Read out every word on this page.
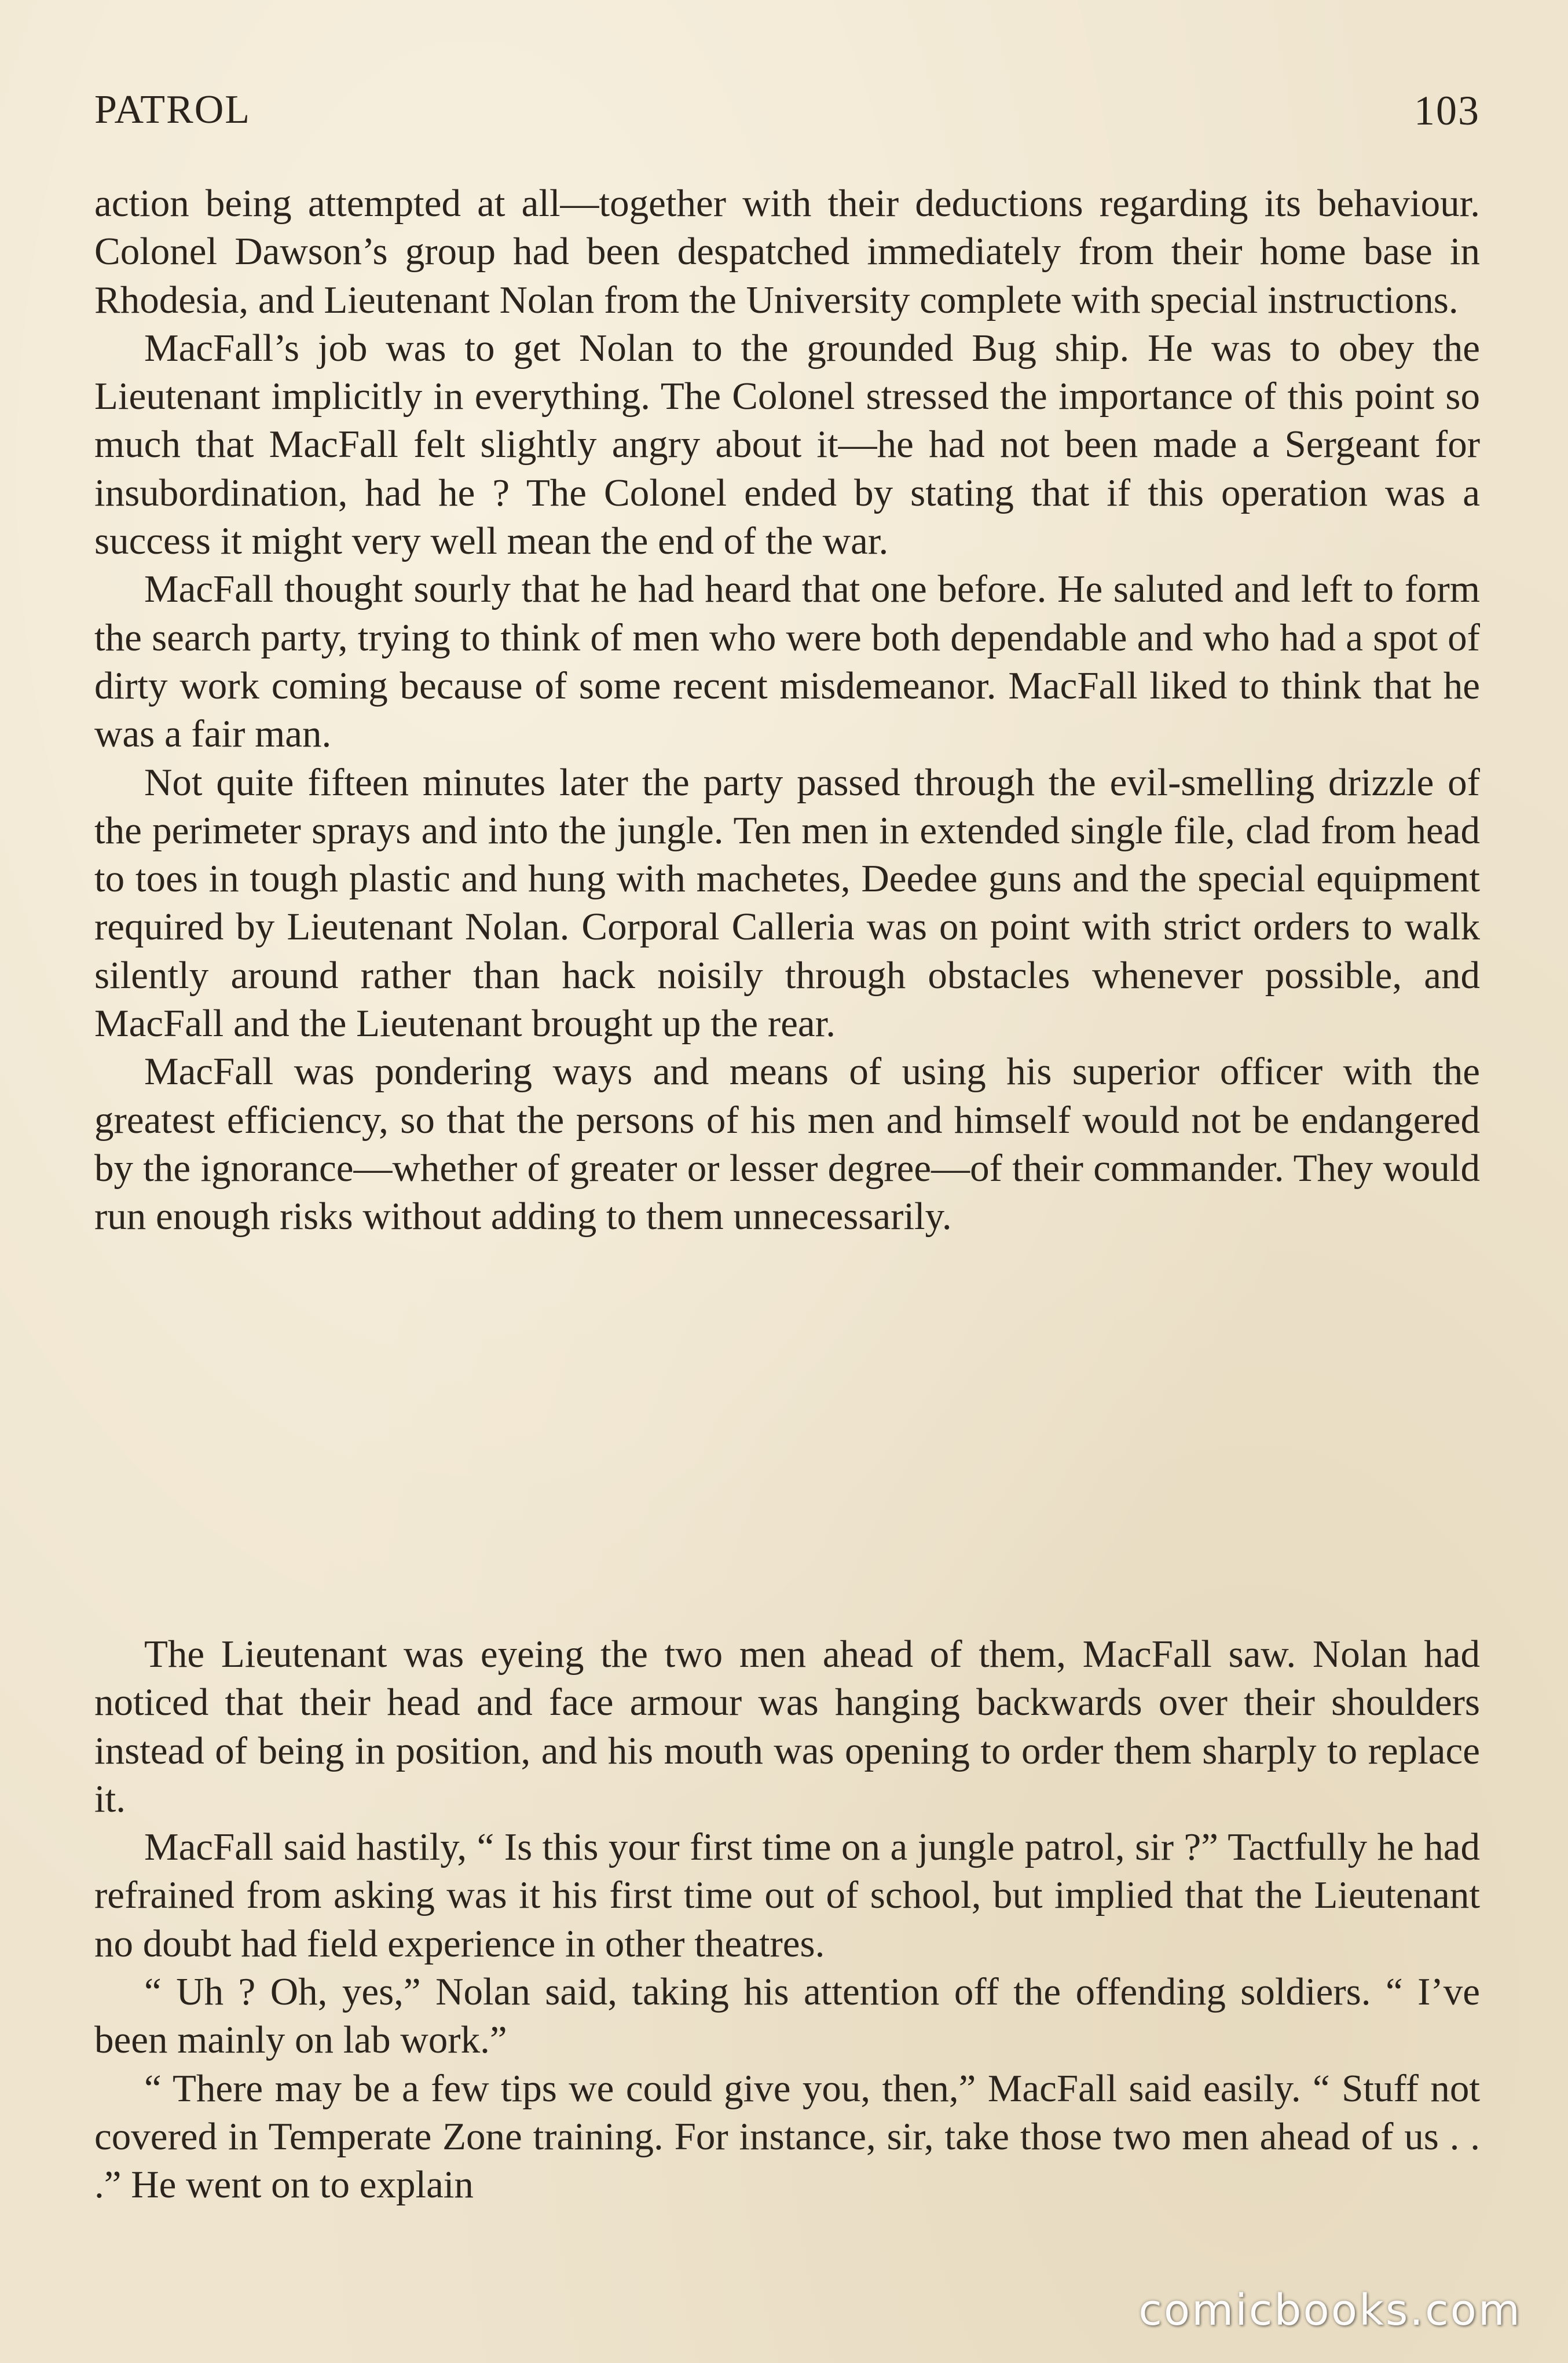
PATROL	103

action being attempted at all—together with their deductions regarding its behaviour. Colonel Dawson’s group had been despatched immediately from their home base in Rhodesia, and Lieutenant Nolan from the University complete with special instructions.

MacFall’s job was to get Nolan to the grounded Bug ship. He was to obey the Lieutenant implicitly in everything. The Colonel stressed the importance of this point so much that MacFall felt slightly angry about it—he had not been made a Sergeant for insubordination, had he ? The Colonel ended by stating that if this operation was a success it might very well mean the end of the war.

MacFall thought sourly that he had heard that one before. He saluted and left to form the search party, trying to think of men who were both dependable and who had a spot of dirty work coming because of some recent misdemeanor. MacFall liked to think that he was a fair man.

Not quite fifteen minutes later the party passed through the evil-smelling drizzle of the perimeter sprays and into the jungle. Ten men in extended single file, clad from head to toes in tough plastic and hung with machetes, Deedee guns and the special equipment required by Lieutenant Nolan. Corporal Calleria was on point with strict orders to walk silently around rather than hack noisily through obstacles whenever possible, and MacFall and the Lieutenant brought up the rear.

MacFall was pondering ways and means of using his superior officer with the greatest efficiency, so that the persons of his men and himself would not be endangered by the ignorance—whether of greater or lesser degree—of their commander. They would run enough risks without adding to them unnecessarily.

The Lieutenant was eyeing the two men ahead of them, MacFall saw. Nolan had noticed that their head and face armour was hanging backwards over their shoulders instead of being in position, and his mouth was opening to order them sharply to replace it.

MacFall said hastily, “ Is this your first time on a jungle patrol, sir ?” Tactfully he had refrained from asking was it his first time out of school, but implied that the Lieutenant no doubt had field experience in other theatres.

“ Uh ? Oh, yes,” Nolan said, taking his attention off the offending soldiers. “ I’ve been mainly on lab work.”

“ There may be a few tips we could give you, then,” MacFall said easily. “ Stuff not covered in Temperate Zone training. For instance, sir, take those two men ahead of us . . .” He went on to explain

comicbooks.com
